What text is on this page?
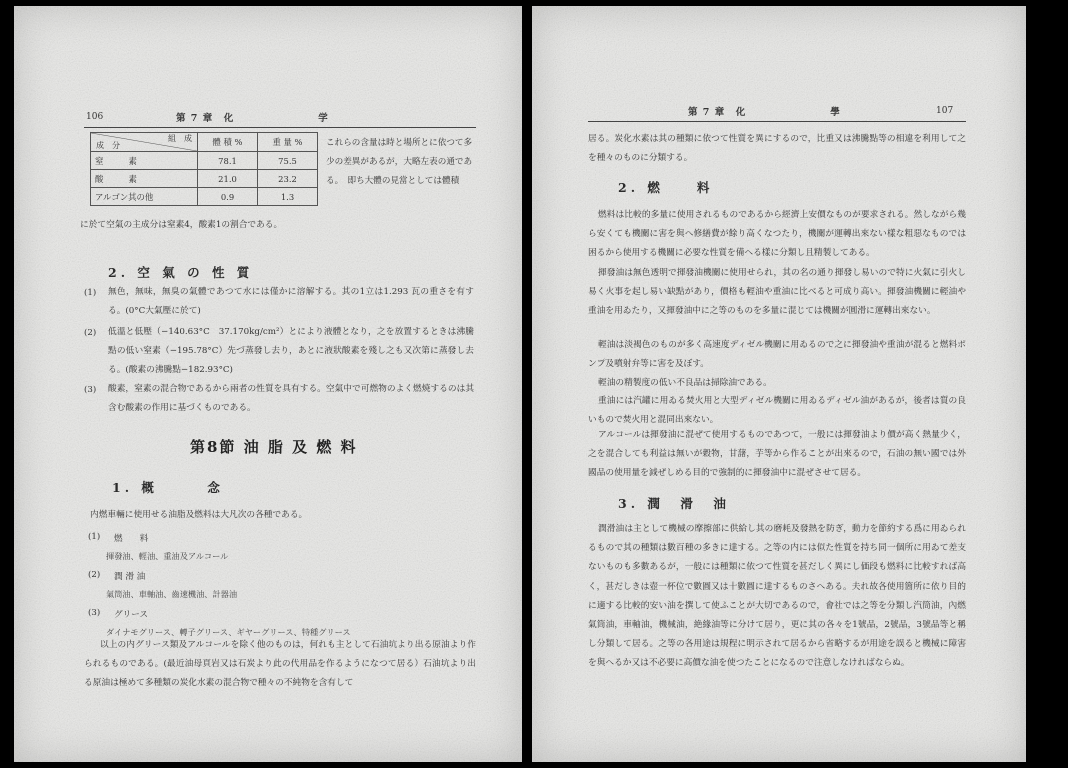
106	第 7 章　化　　　　　　　　学
組　成
成　分	體 積 %	重 量 %
窒　　　素	78.1	75.5
酸　　　素	21.0	23.2
アルゴン其の他	0.9	1.3
これらの含量は時と場所とに依つて多少の差異があるが，大略左表の通である。　即ち大體の見當としては體積

に於て空氣の主成分は窒素4，酸素1の割合である。

2. 空 氣 の 性 質
(1) 無色，無味，無臭の氣體であつて水には僅かに溶解する。其の1立は1.293 瓦の重さを有する。(0°C大氣壓に於て)

(2) 低溫と低壓（−140.63°C　37.170kg/cm²）とにより液體となり，之を放置するときは沸騰點の低い窒素（−195.78°C）先づ蒸發し去り，あとに液狀酸素を殘し之も又次第に蒸發し去る。(酸素の沸騰點−182.93°C)

(3) 酸素，窒素の混合物であるから兩者の性質を具有する。空氣中で可燃物のよく燃焼するのは其含む酸素の作用に基づくものである。

第8節 油 脂 及 燃 料
1. 概　　　念

内燃車輛に使用せる油脂及燃料は大凡次の各種である。

(1) 燃　　料
揮發油、輕油、重油及アルコール
(2) 潤 滑 油
氣筒油、車軸油、齒速機油、計器油
(3) グリース
ダイナモグリース、轉子グリース、ギヤーグリース、特種グリース

以上の内グリース類及アルコールを除く他のものは，何れも主として石油坑より出る原油より作られるものである。(最近油母頁岩又は石炭より此の代用品を作るようになつて居る）石油坑より出る原油は極めて多種類の炭化水素の混合物で種々の不純物を含有して

第 7 章　化　　　　　　　　學	107

居る。炭化水素は其の種類に依つて性質を異にするので，比重又は沸騰點等の相違を利用して之を種々のものに分類する。

2. 燃　　料

燃料は比較的多量に使用されるものであるから經濟上安價なものが要求される。然しながら幾ら安くても機關に害を與へ修繕費が餘り高くなつたり，機關が運轉出來ない樣な粗惡なものでは困るから使用する機關に必要な性質を備へる樣に分類し且精製してある。

揮發油は無色透明で揮發油機關に使用せられ，其の名の通り揮發し易いので特に火氣に引火し易く火事を起し易い缺點があり，價格も輕油や重油に比べると可成り高い。揮發油機關に輕油や重油を用ゐたり，又揮發油中に之等のものを多量に混じては機關が圓滑に運轉出來ない。

輕油は淡褐色のものが多く高速度ディゼル機關に用ゐるので之に揮發油や重油が混ると燃料ポンプ及噴射弁等に害を及ぼす。

輕油の精製度の低い不良品は掃除油である。

重油には汽罐に用ゐる焚火用と大型ディゼル機關に用ゐるディゼル油があるが，後者は質の良いもので焚火用と混同出來ない。

アルコールは揮發油に混ぜて使用するものであつて，一般には揮發油より價が高く熱量少く，之を混合しても利益は無いが穀物，甘藷，芋等から作ることが出來るので，石油の無い國では外國品の使用量を減ぜしめる目的で強制的に揮發油中に混ぜさせて居る。

3. 潤　滑　油

潤滑油は主として機械の摩擦部に供給し其の磨耗及發熱を防ぎ，動力を節約する爲に用ゐられるもので其の種類は數百種の多きに達する。之等の内には似た性質を持ち同一個所に用ゐて差支ないものも多數あるが，一般には種類に依つて性質を甚だしく異にし価段も燃料に比較すれば高く，甚だしきは壺一杯位で數圓又は十數圓に達するものさへある。夫れ故各使用箇所に依り目的に適する比較的安い油を撰して使ふことが大切であるので，會社では之等を分類し汽筒油，內燃氣筒油，車軸油，機械油，絶緣油等に分けて居り，更に其の各々を1號品，2號品，3號品等と稱し分類して居る。之等の各用途は規程に明示されて居るから省略するが用途を誤ると機械に障害を與へるか又は不必要に高價な油を使つたことになるので注意しなければならぬ。
